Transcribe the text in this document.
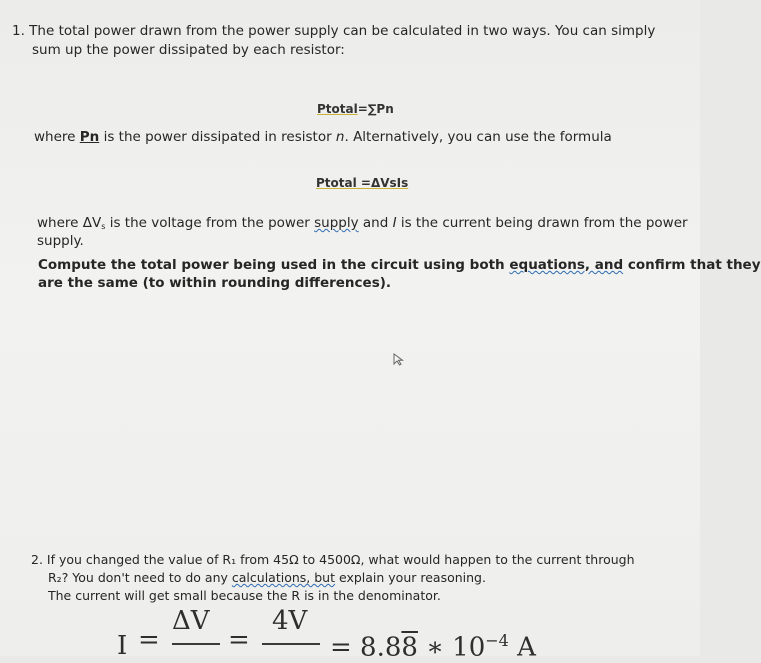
1. The total power drawn from the power supply can be calculated in two ways. You can simply
sum up the power dissipated by each resistor:
Ptotal=∑Pn
where Pn is the power dissipated in resistor n. Alternatively, you can use the formula
Ptotal =ΔVsIs
where $\Delta V_s$ is the voltage from the power supply and I is the current being drawn from the power
supply.
Compute the total power being used in the circuit using both equations, and confirm that they
are the same (to within rounding differences).
2. If you changed the value of R₁ from 45Ω to 4500Ω, what would happen to the current through
R₂? You don't need to do any calculations, but explain your reasoning.
The current will get small because the R is in the denominator.
I =
ΔV
=
4V
= 8.88 ∗ $10^{-4}$ A
